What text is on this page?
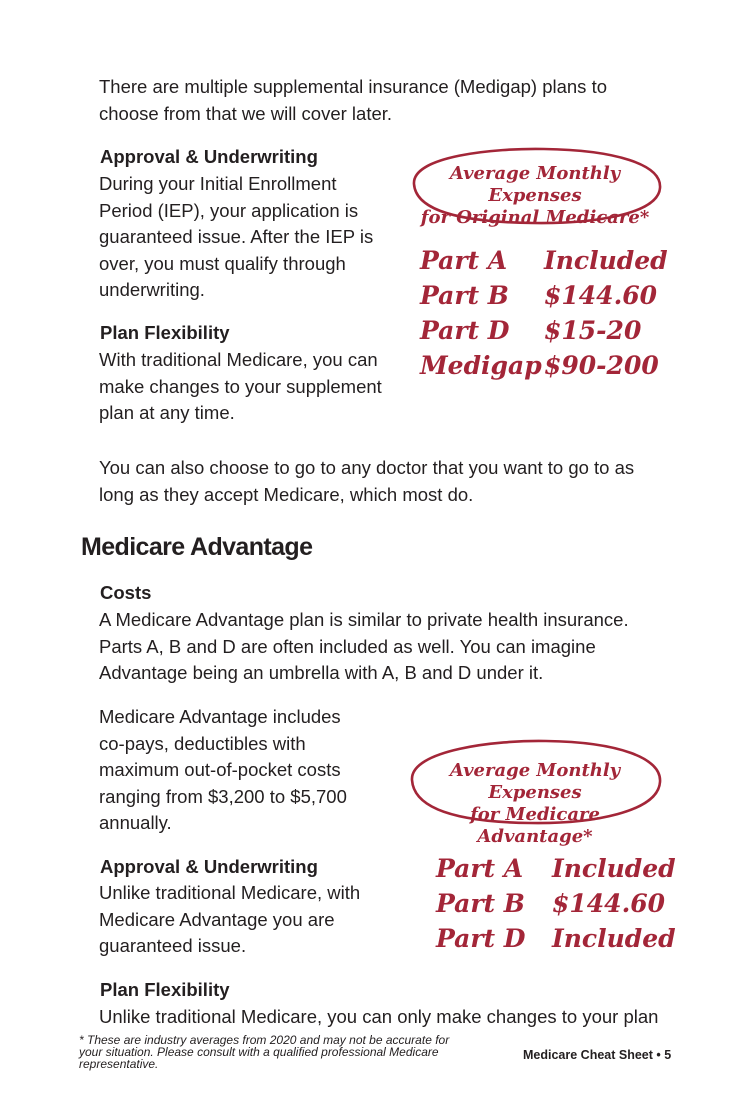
There are multiple supplemental insurance (Medigap) plans to choose from that we will cover later.
Approval & Underwriting
During your Initial Enrollment Period (IEP), your application is guaranteed issue. After the IEP is over, you must qualify through underwriting.
Plan Flexibility
With traditional Medicare, you can make changes to your supplement plan at any time.
Average Monthly Expenses
for Original Medicare*
Part A	Included
Part B	$144.60
Part D	$15-20
Medigap	$90-200
You can also choose to go to any doctor that you want to go to as long as they accept Medicare, which most do.
Medicare Advantage
Costs
A Medicare Advantage plan is similar to private health insurance. Parts A, B and D are often included as well. You can imagine Advantage being an umbrella with A, B and D under it.
Medicare Advantage includes co-pays, deductibles with maximum out-of-pocket costs ranging from $3,200 to $5,700 annually.
Approval & Underwriting
Unlike traditional Medicare, with Medicare Advantage you are guaranteed issue.
Plan Flexibility
Unlike traditional Medicare, you can only make changes to your plan
Average Monthly Expenses
for Medicare Advantage*
Part A	Included
Part B	$144.60
Part D	Included
* These are industry averages from 2020 and may not be accurate for your situation. Please consult with a qualified professional Medicare representative.
Medicare Cheat Sheet • 5
